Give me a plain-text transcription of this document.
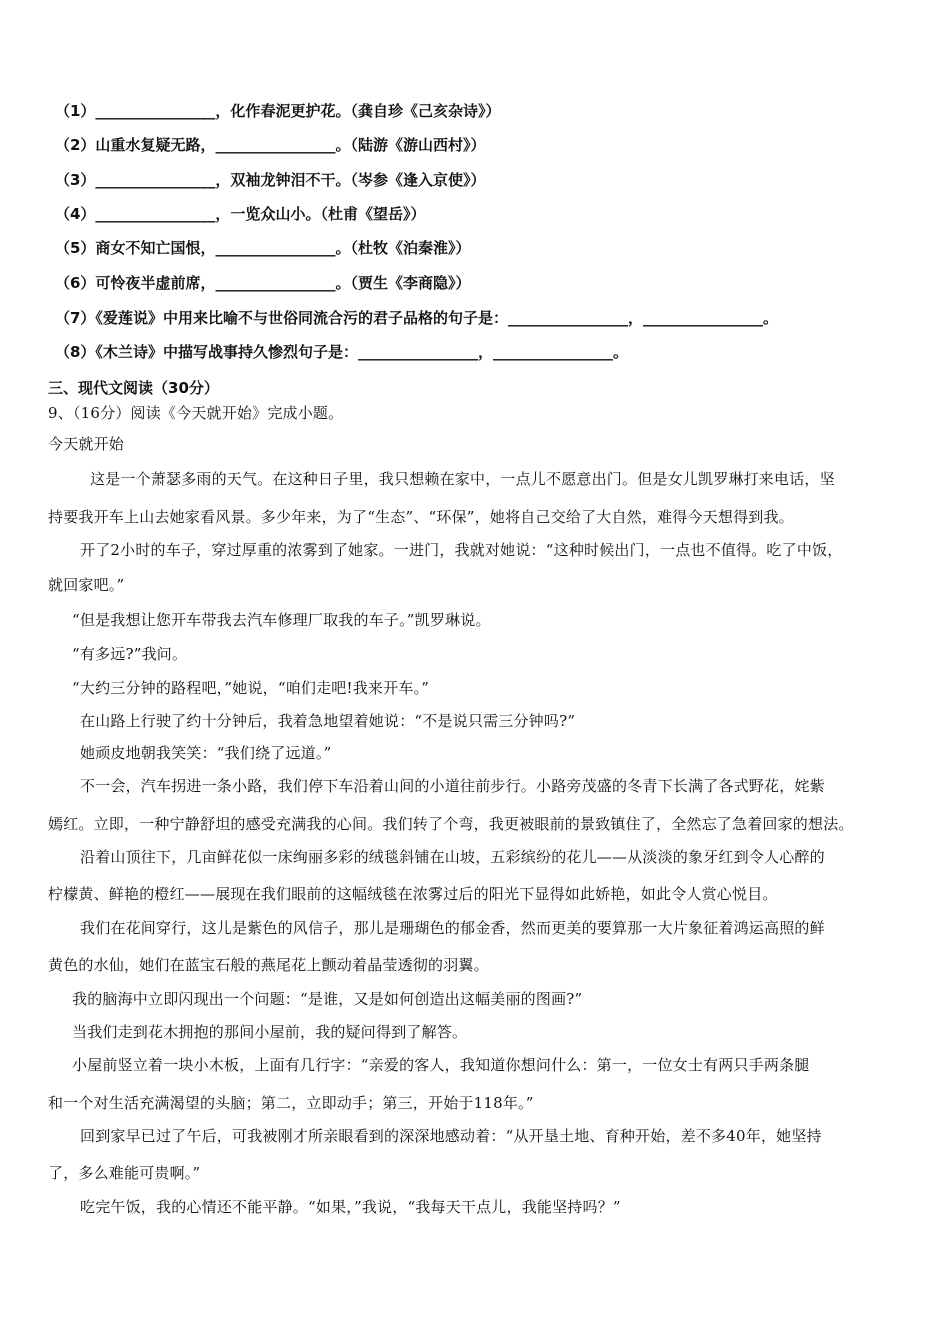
（1）________________，化作春泥更护花。（龚自珍《己亥杂诗》）
（2）山重水复疑无路，________________。（陆游《游山西村》）
（3）________________，双袖龙钟泪不干。（岑参《逢入京使》）
（4）________________，一览众山小。（杜甫《望岳》）
（5）商女不知亡国恨，________________。（杜牧《泊秦淮》）
（6）可怜夜半虚前席，________________。（贾生《李商隐》）
（7）《爱莲说》中用来比喻不与世俗同流合污的君子品格的句子是：________________，________________。
（8）《木兰诗》中描写战事持久惨烈句子是：________________，________________。
三、现代文阅读（30分）
9、（16分）阅读《今天就开始》完成小题。
今天就开始
这是一个萧瑟多雨的天气。在这种日子里，我只想赖在家中，一点儿不愿意出门。但是女儿凯罗琳打来电话，坚
持要我开车上山去她家看风景。多少年来，为了“生态”、“环保”，她将自己交给了大自然，难得今天想得到我。
开了2小时的车子，穿过厚重的浓雾到了她家。一进门，我就对她说：“这种时候出门，一点也不值得。吃了中饭，
就回家吧。”
“但是我想让您开车带我去汽车修理厂取我的车子。”凯罗琳说。
“有多远?”我问。
“大约三分钟的路程吧，”她说，“咱们走吧!我来开车。”
在山路上行驶了约十分钟后，我着急地望着她说：“不是说只需三分钟吗?”
她顽皮地朝我笑笑：“我们绕了远道。”
不一会，汽车拐进一条小路，我们停下车沿着山间的小道往前步行。小路旁茂盛的冬青下长满了各式野花，姹紫
嫣红。立即，一种宁静舒坦的感受充满我的心间。我们转了个弯，我更被眼前的景致镇住了，全然忘了急着回家的想法。
沿着山顶往下，几亩鲜花似一床绚丽多彩的绒毯斜铺在山坡，五彩缤纷的花儿——从淡淡的象牙红到令人心醉的
柠檬黄、鲜艳的橙红——展现在我们眼前的这幅绒毯在浓雾过后的阳光下显得如此娇艳，如此令人赏心悦目。
我们在花间穿行，这儿是紫色的风信子，那儿是珊瑚色的郁金香，然而更美的要算那一大片象征着鸿运高照的鲜
黄色的水仙，她们在蓝宝石般的燕尾花上颤动着晶莹透彻的羽翼。
我的脑海中立即闪现出一个问题：“是谁，又是如何创造出这幅美丽的图画?”
当我们走到花木拥抱的那间小屋前，我的疑问得到了解答。
小屋前竖立着一块小木板，上面有几行字：“亲爱的客人，我知道你想问什么：第一，一位女士有两只手两条腿
和一个对生活充满渴望的头脑；第二，立即动手；第三，开始于118年。”
回到家早已过了午后，可我被刚才所亲眼看到的深深地感动着：“从开垦土地、育种开始，差不多40年，她坚持
了，多么难能可贵啊。”
吃完午饭，我的心情还不能平静。“如果，”我说，“我每天干点儿，我能坚持吗？”
